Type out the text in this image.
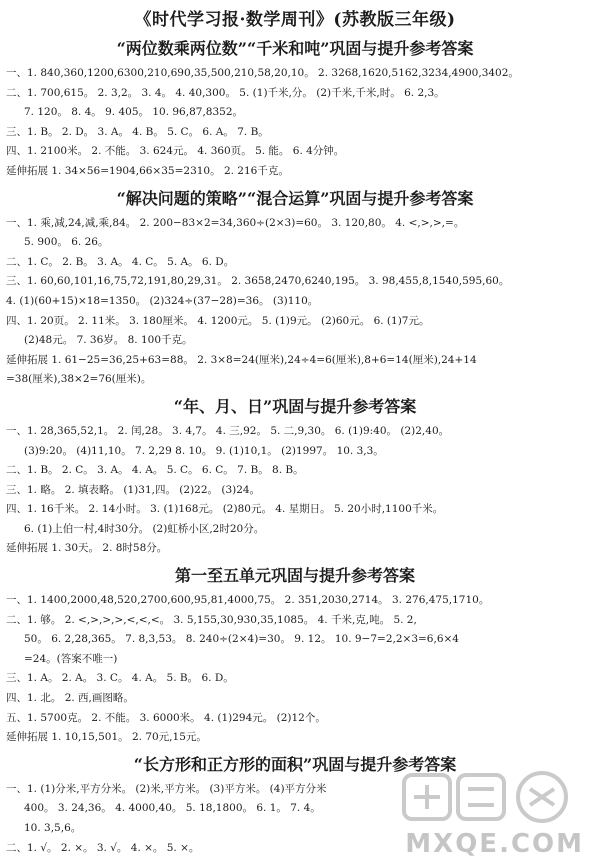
《时代学习报·数学周刊》(苏教版三年级)
“两位数乘两位数”“千米和吨”巩固与提升参考答案
一、1. 840,360,1200,6300,210,690,35,500,210,58,20,10。 2. 3268,1620,5162,3234,4900,3402。
二、1. 700,615。 2. 3,2。 3. 4。 4. 40,300。 5. (1)千米,分。 (2)千米,千米,时。 6. 2,3。
7. 120。 8. 4。 9. 405。 10. 96,87,8352。
三、1. B。 2. D。 3. A。 4. B。 5. C。 6. A。 7. B。
四、1. 2100米。 2. 不能。 3. 624元。 4. 360页。 5. 能。 6. 4分钟。
延伸拓展 1. 34×56=1904,66×35=2310。 2. 216千克。
“解决问题的策略”“混合运算”巩固与提升参考答案
一、1. 乘,减,24,减,乘,84。 2. 200−83×2=34,360÷(2×3)=60。 3. 120,80。 4. <,>,>,=。
5. 900。 6. 26。
二、1. C。 2. B。 3. A。 4. C。 5. A。 6. D。
三、1. 60,60,101,16,75,72,191,80,29,31。 2. 3658,2470,6240,195。 3. 98,455,8,1540,595,60。
4. (1)(60+15)×18=1350。 (2)324÷(37−28)=36。 (3)110。
四、1. 20页。 2. 11米。 3. 180厘米。 4. 1200元。 5. (1)9元。 (2)60元。 6. (1)7元。
(2)48元。 7. 36岁。 8. 100千克。
延伸拓展 1. 61−25=36,25+63=88。 2. 3×8=24(厘米),24÷4=6(厘米),8+6=14(厘米),24+14
=38(厘米),38×2=76(厘米)。
“年、月、日”巩固与提升参考答案
一、1. 28,365,52,1。 2. 闰,28。 3. 4,7。 4. 三,92。 5. 二,9,30。 6. (1)9:40。 (2)2,40。
(3)9:20。 (4)11,10。 7. 2,29 8. 10。 9. (1)10,1。 (2)1997。 10. 3,3。
二、1. B。 2. C。 3. A。 4. A。 5. C。 6. C。 7. B。 8. B。
三、1. 略。 2. 填表略。 (1)31,四。 (2)22。 (3)24。
四、1. 16千米。 2. 14小时。 3. (1)168元。 (2)80元。 4. 星期日。 5. 20小时,1100千米。
6. (1)上伯一村,4时30分。 (2)虹桥小区,2时20分。
延伸拓展 1. 30天。 2. 8时58分。
第一至五单元巩固与提升参考答案
一、1. 1400,2000,48,520,2700,600,95,81,4000,75。 2. 351,2030,2714。 3. 276,475,1710。
二、1. 够。 2. <,>,>,>,<,<,<。 3. 5,155,30,930,35,1085。 4. 千米,克,吨。 5. 2,
50。 6. 2,28,365。 7. 8,3,53。 8. 240÷(2×4)=30。 9. 12。 10. 9−7=2,2×3=6,6×4
=24。(答案不唯一)
三、1. A。 2. A。 3. C。 4. A。 5. B。 6. D。
四、1. 北。 2. 西,画图略。
五、1. 5700克。 2. 不能。 3. 6000米。 4. (1)294元。 (2)12个。
延伸拓展 1. 10,15,501。 2. 70元,15元。
“长方形和正方形的面积”巩固与提升参考答案
一、1. (1)分米,平方分米。 (2)米,平方米。 (3)平方米。 (4)平方分米
400。 3. 24,36。 4. 4000,40。 5. 18,1800。 6. 1。 7. 4。
10. 3,5,6。
二、1. √。 2. ×。 3. √。 4. ×。 5. ×。	MXQE.COM
